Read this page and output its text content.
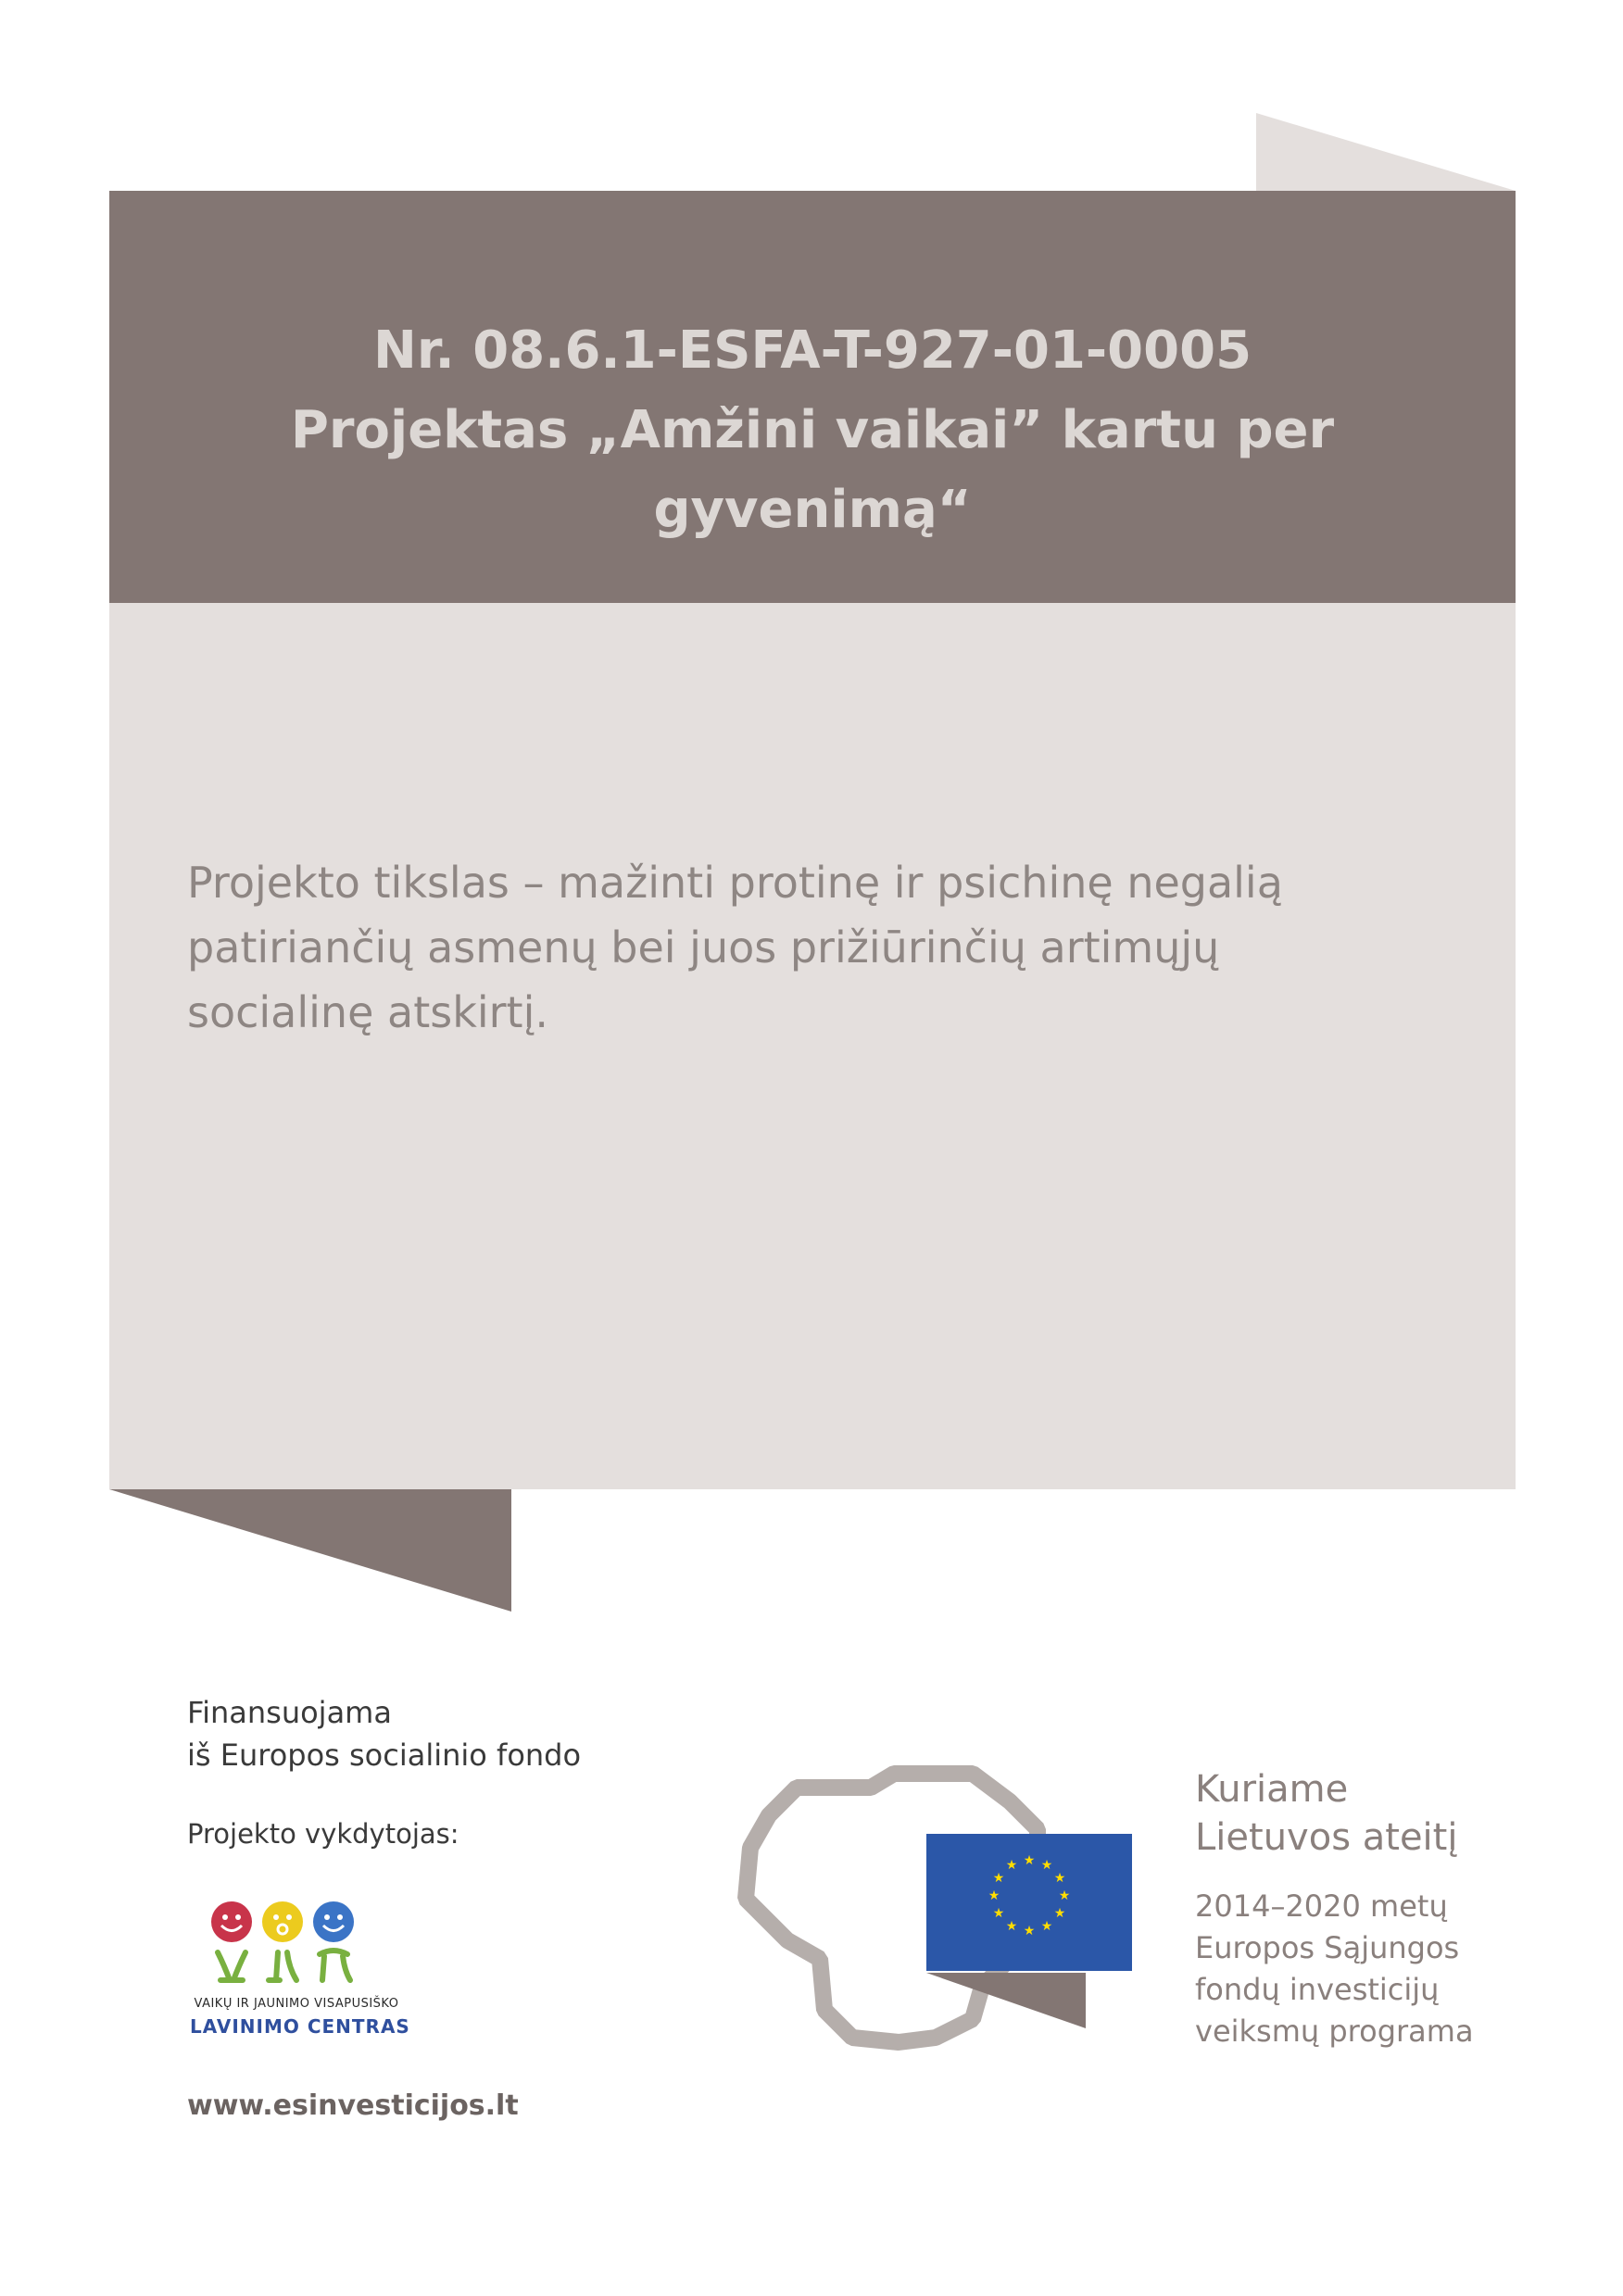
Nr. 08.6.1-ESFA-T-927-01-0005
Projektas „Amžini vaikai” kartu per
gyvenimą“
Projekto tikslas – mažinti protinę ir psichinę negalią
patiriančių asmenų bei juos prižiūrinčių artimųjų
socialinę atskirtį.
Finansuojama
iš Europos socialinio fondo
Projekto vykdytojas:
VAIKŲ IR JAUNIMO VISAPUSIŠKO
LAVINIMO CENTRAS
www.esinvesticijos.lt
★ ★
★
★
★
★
★
★
★
★
★
★
Kuriame
Lietuvos ateitį
2014–2020 metų
Europos Sąjungos
fondų investicijų
veiksmų programa
